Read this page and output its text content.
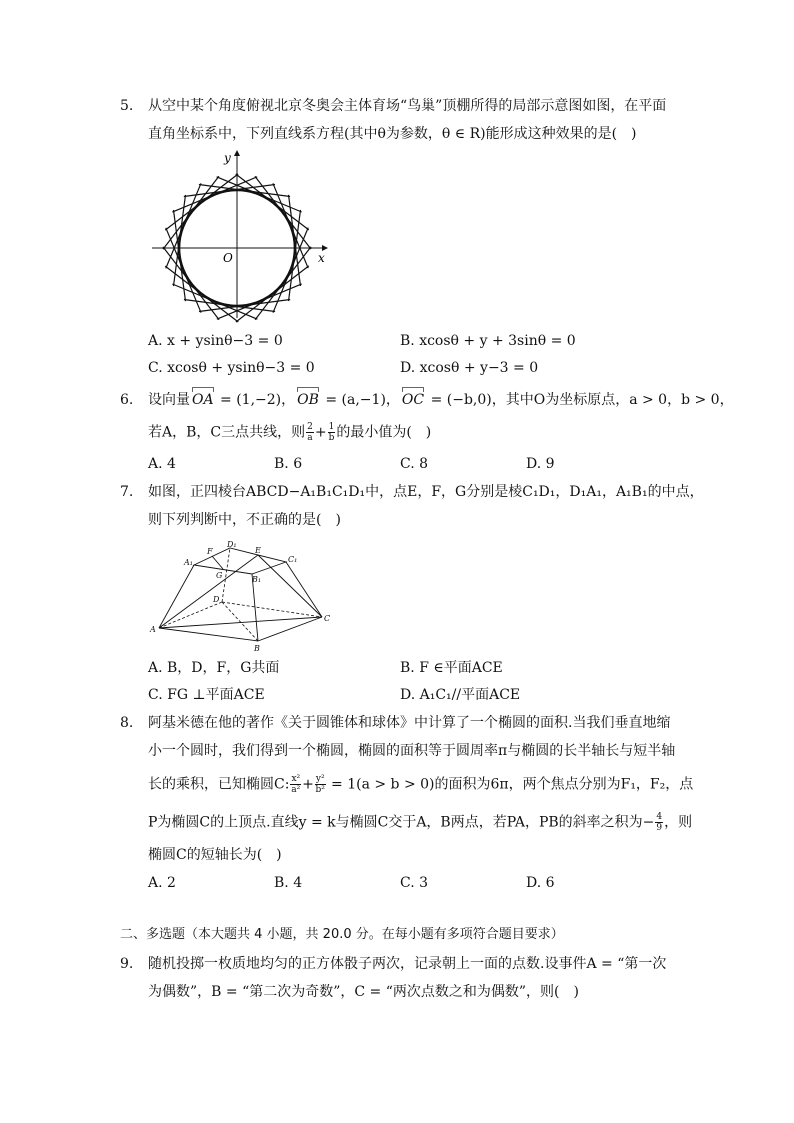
5. 从空中某个角度俯视北京冬奥会主体育场“鸟巢”顶棚所得的局部示意图如图，在平面
直角坐标系中，下列直线系方程(其中θ为参数，θ ∈ R)能形成这种效果的是(　)
y
x
O
A. x + ysinθ−3 = 0	B. xcosθ + y + 3sinθ = 0
C. xcosθ + ysinθ−3 = 0	D. xcosθ + y−3 = 0
6. 设向量 OA = (1,−2)， OB = (a,−1)， OC = (−b,0)，其中O为坐标原点，a > 0，b > 0，
若A，B，C三点共线，则 $\frac{2}{a} + \frac{1}{b}$ 的最小值为(　)
A. 4	B. 6	C. 8	D. 9
7. 如图，正四棱台ABCD−A₁B₁C₁D₁中，点E，F，G分别是棱C₁D₁，D₁A₁，A₁B₁的中点，
则下列判断中，不正确的是(　)
F
D₁
E
A₁	C₁
G	B₁
D
A
C
B
A. B，D，F，G共面	B. F ∈平面ACE
C. FG ⊥平面ACE	D. A₁C₁//平面ACE
8. 阿基米德在他的著作《关于圆锥体和球体》中计算了一个椭圆的面积.当我们垂直地缩
小一个圆时，我们得到一个椭圆，椭圆的面积等于圆周率π与椭圆的长半轴长与短半轴
长的乘积，已知椭圆C: $\frac{\text{x²}}{\text{a²}} + \frac{\text{y²}}{\text{b²}} = 1(a > b > 0)$的面积为6π，两个焦点分别为F₁，F₂，点
P为椭圆C的上顶点.直线y = k与椭圆C交于A，B两点，若PA，PB的斜率之积为− $\frac{4}{9}$ ，则
椭圆C的短轴长为(　)
A. 2	B. 4	C. 3	D. 6
二、多选题（本大题共 4 小题，共 20.0 分。在每小题有多项符合题目要求）
9. 随机投掷一枚质地均匀的正方体骰子两次，记录朝上一面的点数.设事件A = “第一次
为偶数”，B = “第二次为奇数”，C = “两次点数之和为偶数”，则(　)
